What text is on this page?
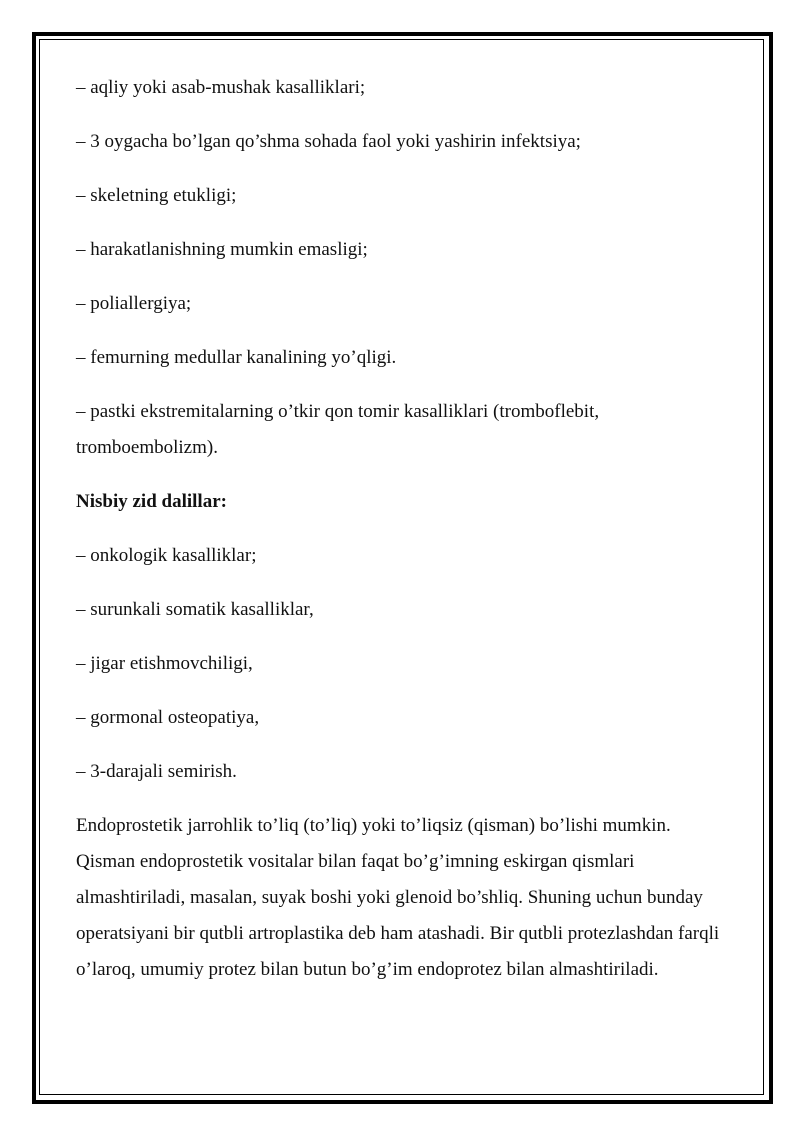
– aqliy yoki asab-mushak kasalliklari;
– 3 oygacha bo’lgan qo’shma sohada faol yoki yashirin infektsiya;
– skeletning etukligi;
– harakatlanishning mumkin emasligi;
– poliallergiya;
– femurning medullar kanalining yo’qligi.
– pastki ekstremitalarning o’tkir qon tomir kasalliklari (tromboflebit, tromboembolizm).
Nisbiy zid dalillar:
– onkologik kasalliklar;
– surunkali somatik kasalliklar,
– jigar etishmovchiligi,
– gormonal osteopatiya,
– 3-darajali semirish.

Endoprostetik jarrohlik to’liq (to’liq) yoki to’liqsiz (qisman) bo’lishi mumkin. Qisman endoprostetik vositalar bilan faqat bo’g’imning eskirgan qismlari almashtiriladi, masalan, suyak boshi yoki glenoid bo’shliq. Shuning uchun bunday operatsiyani bir qutbli artroplastika deb ham atashadi. Bir qutbli protezlashdan farqli o’laroq, umumiy protez bilan butun bo’g’im endoprotez bilan almashtiriladi.
